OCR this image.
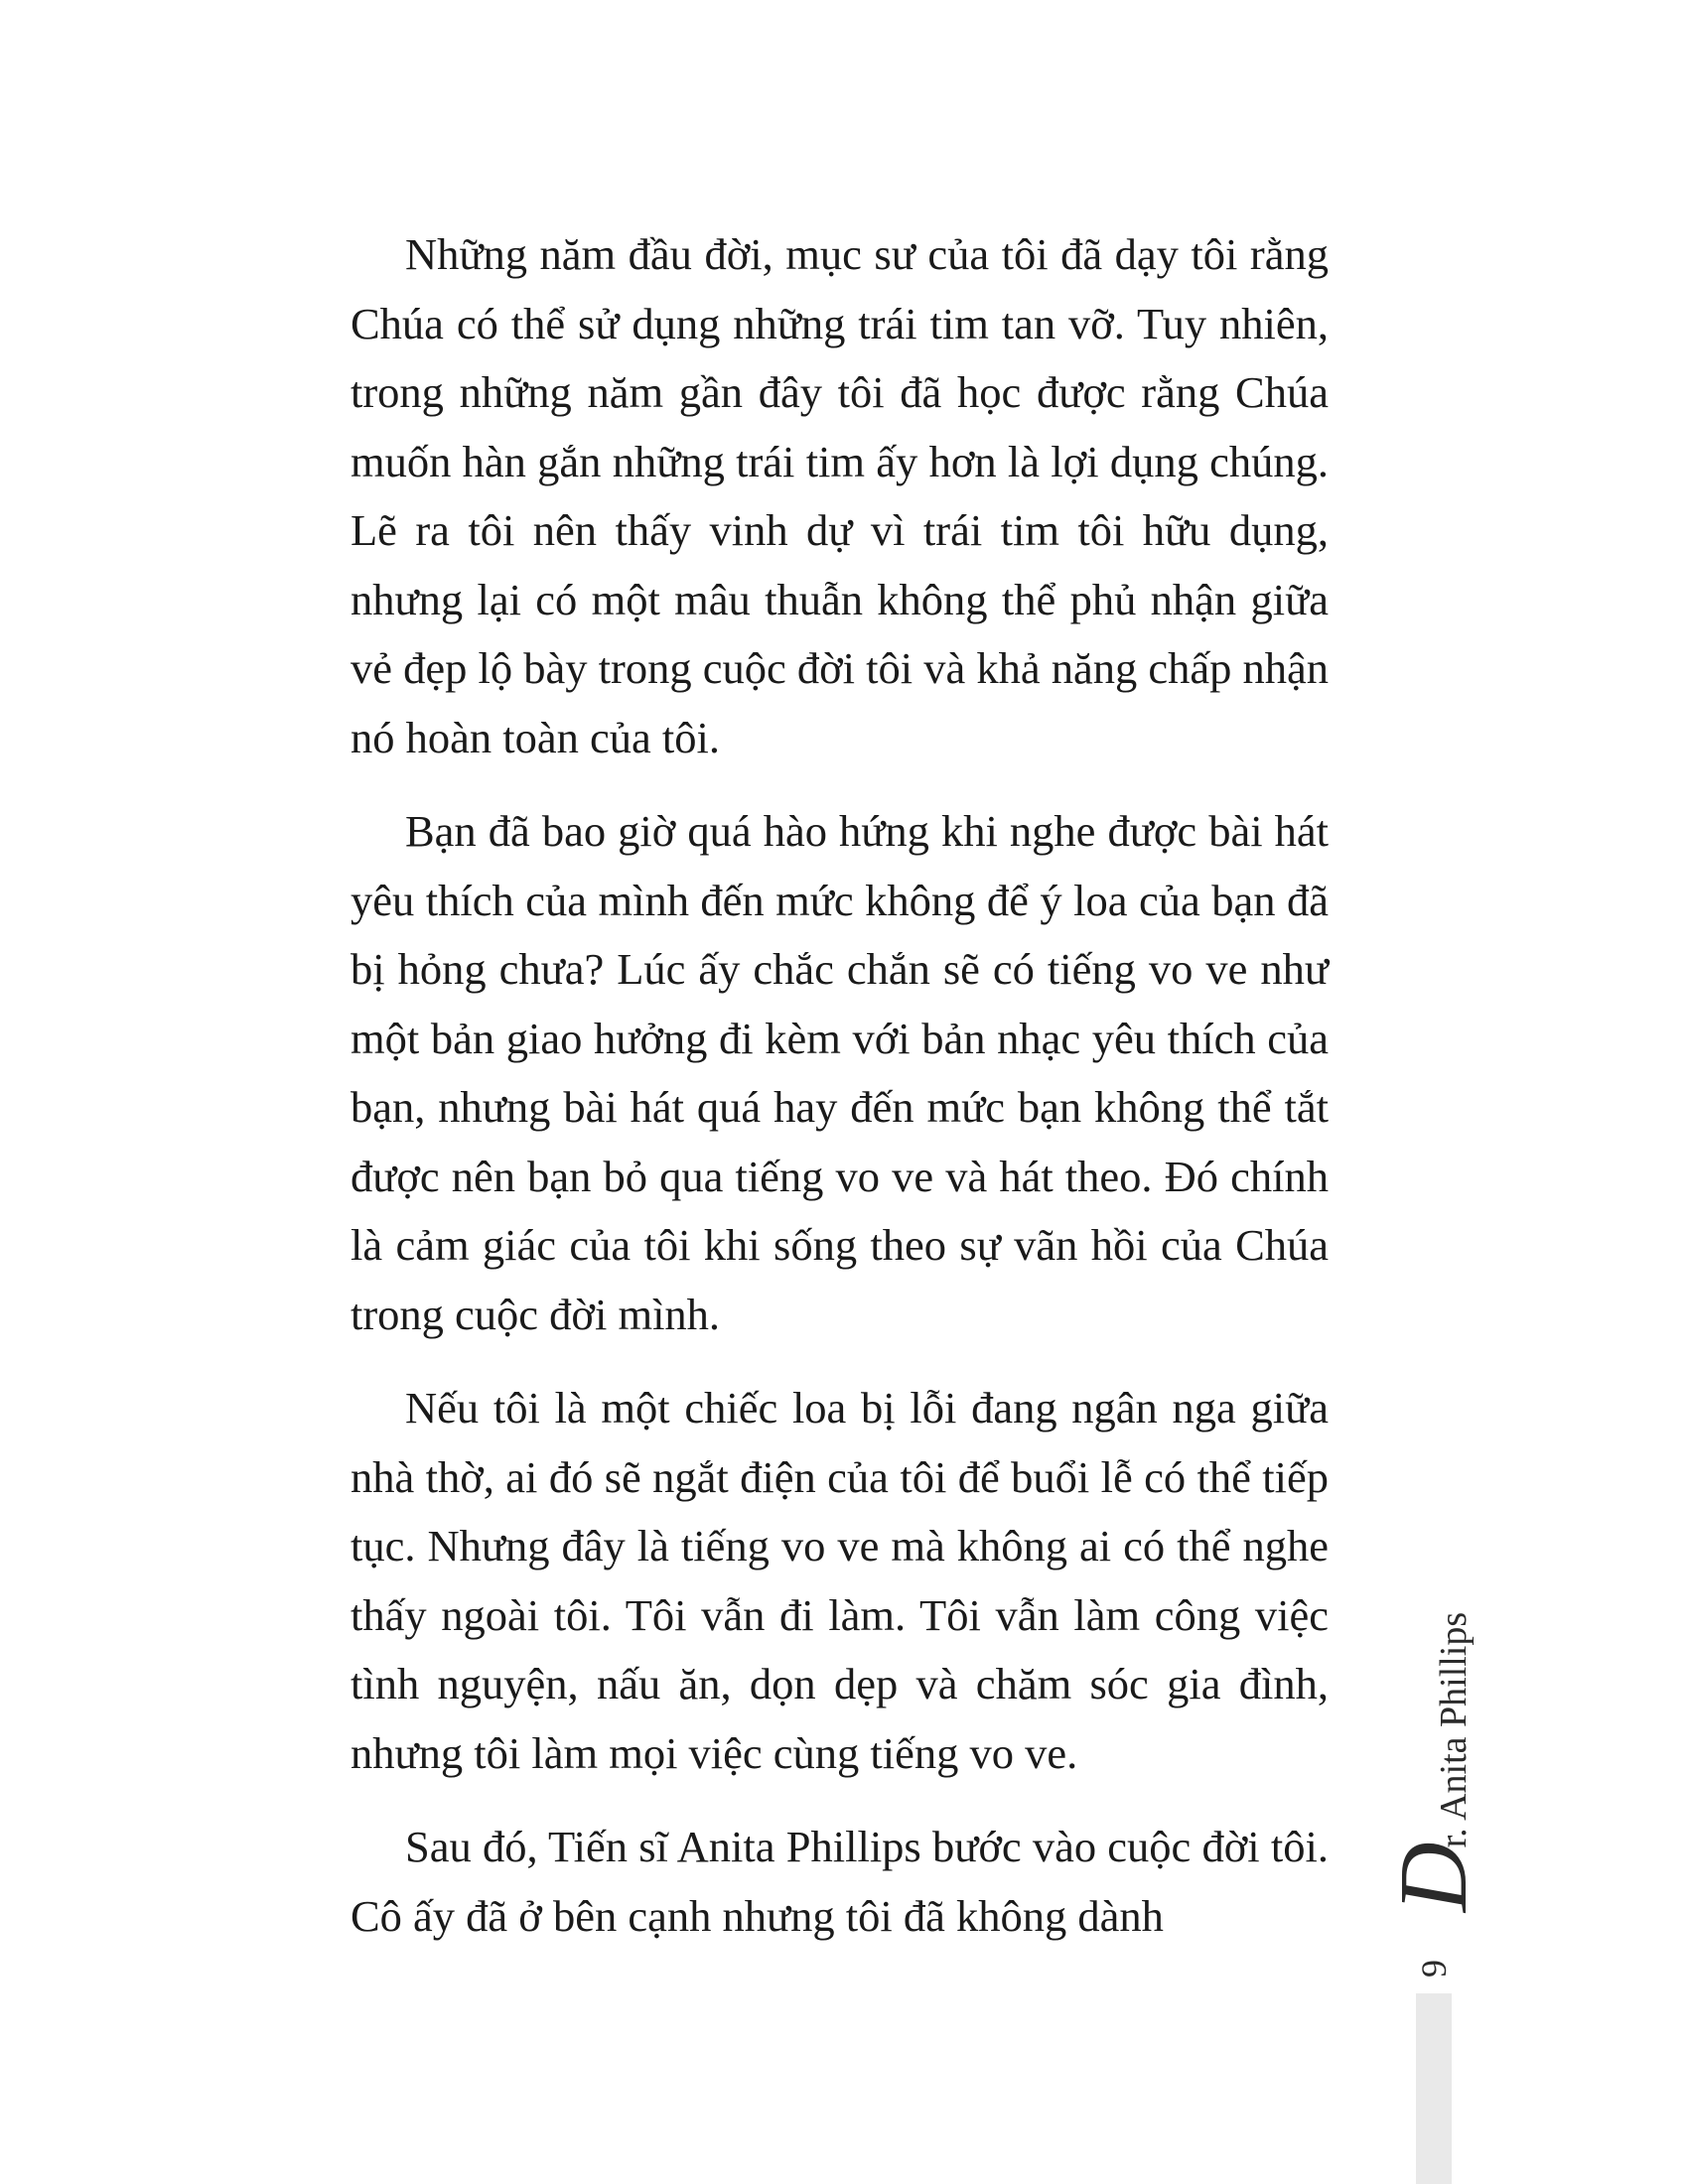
Những năm đầu đời, mục sư của tôi đã dạy tôi rằng Chúa có thể sử dụng những trái tim tan vỡ. Tuy nhiên, trong những năm gần đây tôi đã học được rằng Chúa muốn hàn gắn những trái tim ấy hơn là lợi dụng chúng. Lẽ ra tôi nên thấy vinh dự vì trái tim tôi hữu dụng, nhưng lại có một mâu thuẫn không thể phủ nhận giữa vẻ đẹp lộ bày trong cuộc đời tôi và khả năng chấp nhận nó hoàn toàn của tôi.

Bạn đã bao giờ quá hào hứng khi nghe được bài hát yêu thích của mình đến mức không để ý loa của bạn đã bị hỏng chưa? Lúc ấy chắc chắn sẽ có tiếng vo ve như một bản giao hưởng đi kèm với bản nhạc yêu thích của bạn, nhưng bài hát quá hay đến mức bạn không thể tắt được nên bạn bỏ qua tiếng vo ve và hát theo. Đó chính là cảm giác của tôi khi sống theo sự vãn hồi của Chúa trong cuộc đời mình.

Nếu tôi là một chiếc loa bị lỗi đang ngân nga giữa nhà thờ, ai đó sẽ ngắt điện của tôi để buổi lễ có thể tiếp tục. Nhưng đây là tiếng vo ve mà không ai có thể nghe thấy ngoài tôi. Tôi vẫn đi làm. Tôi vẫn làm công việc tình nguyện, nấu ăn, dọn dẹp và chăm sóc gia đình, nhưng tôi làm mọi việc cùng tiếng vo ve.

Sau đó, Tiến sĩ Anita Phillips bước vào cuộc đời tôi. Cô ấy đã ở bên cạnh nhưng tôi đã không dành

D
r. Anita Phillips
9
